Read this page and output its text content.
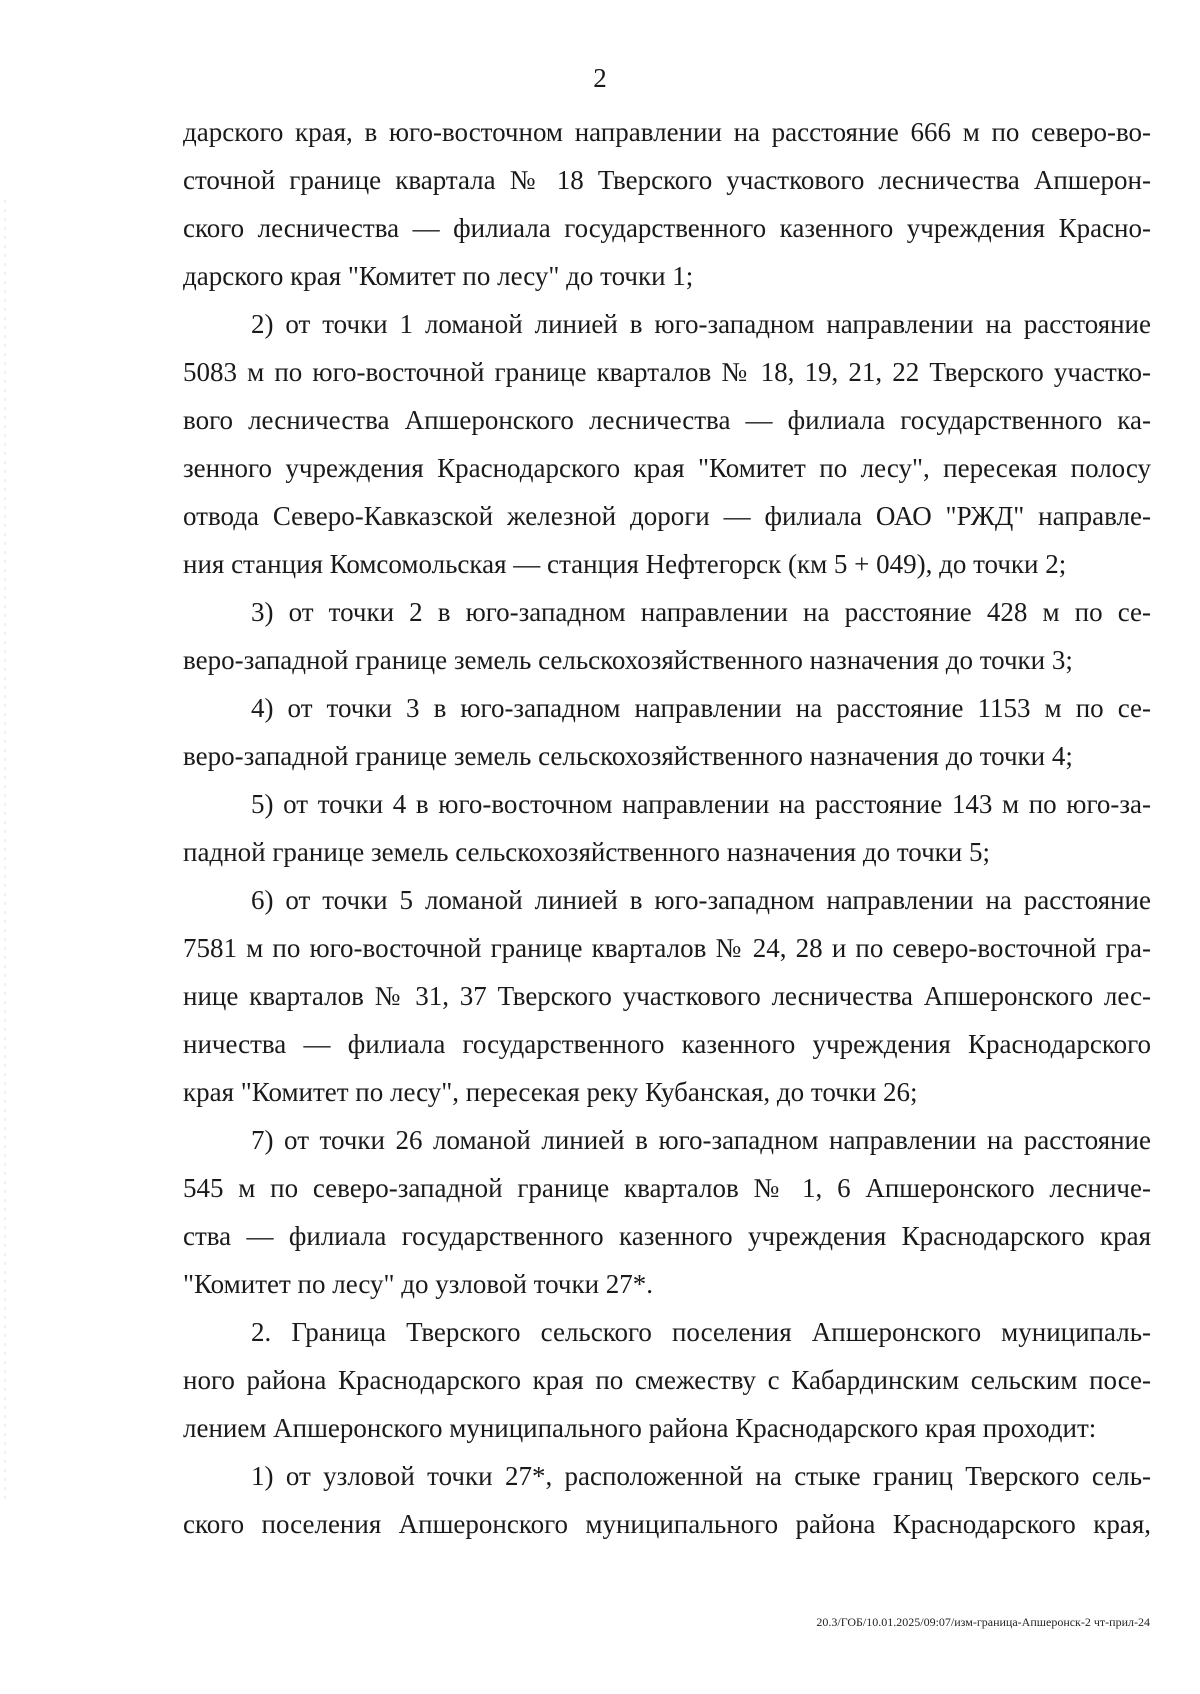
2
дарского края, в юго-восточном направлении на расстояние 666 м по северо-во-
сточной границе квартала № 18 Тверского участкового лесничества Апшерон-
ского лесничества — филиала государственного казенного учреждения Красно-
дарского края "Комитет по лесу" до точки 1;
2) от точки 1 ломаной линией в юго-западном направлении на расстояние
5083 м по юго-восточной границе кварталов № 18, 19, 21, 22 Тверского участко-
вого лесничества Апшеронского лесничества — филиала государственного ка-
зенного учреждения Краснодарского края "Комитет по лесу", пересекая полосу
отвода Северо-Кавказской железной дороги — филиала ОАО "РЖД" направле-
ния станция Комсомольская — станция Нефтегорск (км 5 + 049), до точки 2;
3) от точки 2 в юго-западном направлении на расстояние 428 м по се-
веро-западной границе земель сельскохозяйственного назначения до точки 3;
4) от точки 3 в юго-западном направлении на расстояние 1153 м по се-
веро-западной границе земель сельскохозяйственного назначения до точки 4;
5) от точки 4 в юго-восточном направлении на расстояние 143 м по юго-за-
падной границе земель сельскохозяйственного назначения до точки 5;
6) от точки 5 ломаной линией в юго-западном направлении на расстояние
7581 м по юго-восточной границе кварталов № 24, 28 и по северо-восточной гра-
нице кварталов № 31, 37 Тверского участкового лесничества Апшеронского лес-
ничества — филиала государственного казенного учреждения Краснодарского
края "Комитет по лесу", пересекая реку Кубанская, до точки 26;
7) от точки 26 ломаной линией в юго-западном направлении на расстояние
545 м по северо-западной границе кварталов № 1, 6 Апшеронского лесниче-
ства — филиала государственного казенного учреждения Краснодарского края
"Комитет по лесу" до узловой точки 27*.
2. Граница Тверского сельского поселения Апшеронского муниципаль-
ного района Краснодарского края по смежеству с Кабардинским сельским посе-
лением Апшеронского муниципального района Краснодарского края проходит:
1) от узловой точки 27*, расположенной на стыке границ Тверского сель-
ского поселения Апшеронского муниципального района Краснодарского края,
20.3/ГОБ/10.01.2025/09:07/изм-граница-Апшеронск-2 чт-прил-24
